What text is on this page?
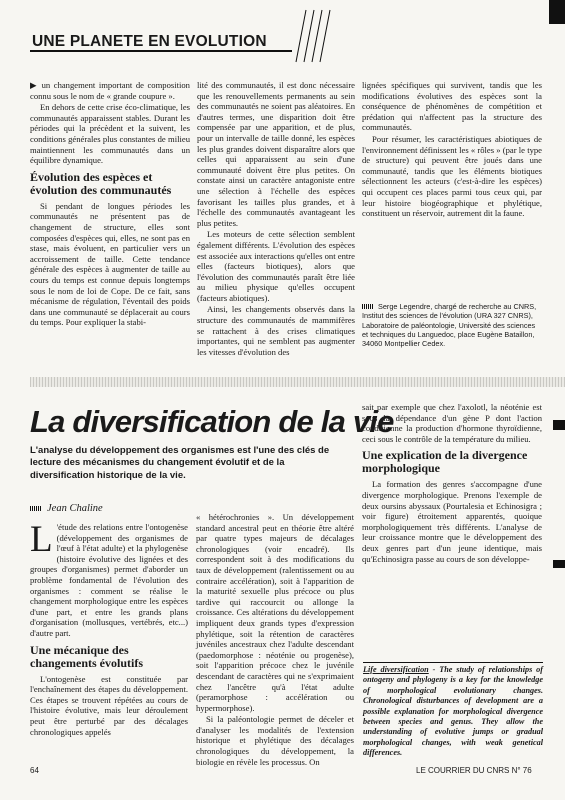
UNE PLANETE EN EVOLUTION

▶ un changement important de composition connu sous le nom de « grande coupure ».

En dehors de cette crise éco-climatique, les communautés apparaissent stables. Durant les périodes qui la précèdent et la suivent, les conditions générales plus constantes de milieu maintiennent les communautés dans un équilibre dynamique.

Évolution des espèces et évolution des communautés

Si pendant de longues périodes les communautés ne présentent pas de changement de structure, elles sont composées d'espèces qui, elles, ne sont pas en stase, mais évoluent, en particulier vers un accroissement de taille. Cette tendance générale des espèces à augmenter de taille au cours du temps est connue depuis longtemps sous le nom de loi de Cope. De ce fait, sans mécanisme de régulation, l'éventail des poids dans une communauté se déplacerait au cours du temps. Pour expliquer la stabi-

lité des communautés, il est donc nécessaire que les renouvellements permanents au sein des communautés ne soient pas aléatoires. En d'autres termes, une disparition doit être compensée par une apparition, et de plus, pour un intervalle de taille donné, les espèces les plus grandes doivent disparaître alors que celles qui apparaissent au sein d'une communauté doivent être plus petites. On constate ainsi un caractère antagoniste entre une sélection à l'échelle des espèces favorisant les tailles plus grandes, et à l'échelle des communautés avantageant les plus petites.

Les moteurs de cette sélection semblent également différents. L'évolution des espèces est associée aux interactions qu'elles ont entre elles (facteurs biotiques), alors que l'évolution des communautés paraît être liée au milieu physique qu'elles occupent (facteurs abiotiques).

Ainsi, les changements observés dans la structure des communautés de mammifères se rattachent à des crises climatiques importantes, qui ne semblent pas augmenter les vitesses d'évolution des

lignées spécifiques qui survivent, tandis que les modifications évolutives des espèces sont la conséquence de phénomènes de compétition et prédation qui n'affectent pas la structure des communautés.

Pour résumer, les caractéristiques abiotiques de l'environnement définissent les « rôles » (par le type de structure) qui peuvent être joués dans une communauté, tandis que les éléments biotiques sélectionnent les acteurs (c'est-à-dire les espèces) qui occupent ces places parmi tous ceux qui, par leur histoire biogéographique et phylétique, constituent un réservoir, autrement dit la faune.

Serge Legendre, chargé de recherche au CNRS, Institut des sciences de l'évolution (URA 327 CNRS), Laboratoire de paléontologie, Université des sciences et techniques du Languedoc, place Eugène Bataillon, 34060 Montpellier Cedex.
La diversification de la vie
L'analyse du développement des organismes est l'une des clés de lecture des mécanismes du changement évolutif et de la diversification historique de la vie.
Jean Chaline

L 'étude des relations entre l'ontogenèse (développement des organismes de l'œuf à l'état adulte) et la phylogenèse (histoire évolutive des lignées et des groupes d'organismes) permet d'aborder un problème fondamental de l'évolution des organismes : comment se réalise le changement morphologique entre les espèces d'une part, et entre les grands plans d'organisation (mollusques, vertébrés, etc...) d'autre part.

Une mécanique des changements évolutifs

L'ontogenèse est constituée par l'enchaînement des étapes du développement. Ces étapes se trouvent répétées au cours de l'histoire évolutive, mais leur déroulement peut être perturbé par des décalages chronologiques appelés

« hétérochronies ». Un développement standard ancestral peut en théorie être altéré par quatre types majeurs de décalages chronologiques (voir encadré). Ils correspondent soit à des modifications du taux de développement (ralentissement ou au contraire accélération), soit à l'apparition de la maturité sexuelle plus précoce ou plus tardive qui raccourcit ou allonge la croissance. Ces altérations du développement impliquent deux grands types d'expression phylétique, soit la rétention de caractères juvéniles ancestraux chez l'adulte descendant (paedomorphose : néoténie ou progenèse), soit l'apparition précoce chez le juvénile descendant de caractères qui ne s'exprimaient chez l'ancêtre qu'à l'état adulte (peramorphose : accélération ou hypermorphose).

Si la paléontologie permet de déceler et d'analyser les modalités de l'extension historique et phylétique des décalages chronologiques du développement, la biologie en révèle les processus. On

sait par exemple que chez l'axolotl, la néoténie est sous la dépendance d'un gène P dont l'action conditionne la production d'hormone thyroïdienne, ceci sous le contrôle de la température du milieu.

Une explication de la divergence morphologique

La formation des genres s'accompagne d'une divergence morphologique. Prenons l'exemple de deux oursins abyssaux (Pourtalesia et Echinosigra ; voir figure) étroitement apparentés, quoique morphologiquement très différents. L'analyse de leur croissance montre que le développement des deux genres part d'un jeune identique, mais qu'Echinosigra passe au cours de son développe-

Life diversification - The study of relationships of ontogeny and phylogeny is a key for the knowledge of morphological evolutionary changes. Chronological disturbances of development are a possible explanation for morphological divergence between species and genus. They allow the understanding of evolutive jumps or gradual morphological changes, with weak genetical differences.
64	LE COURRIER DU CNRS N° 76
